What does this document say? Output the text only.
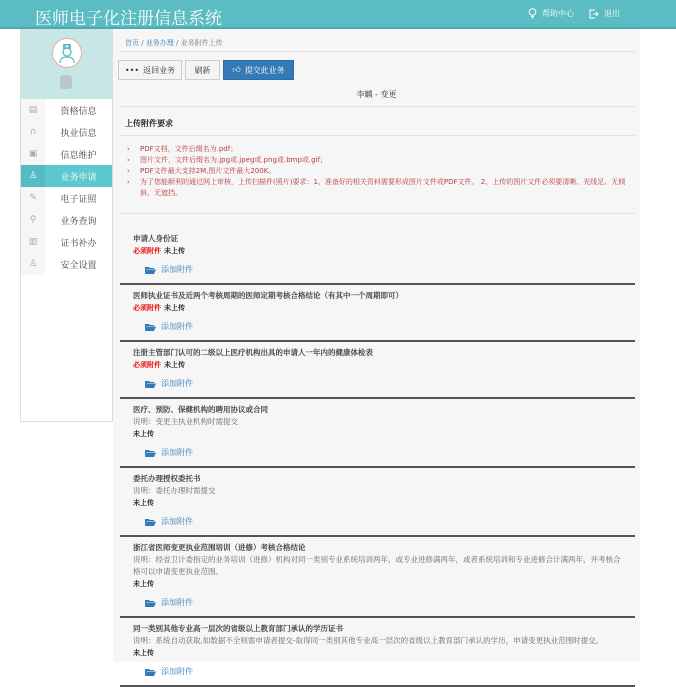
医师电子化注册信息系统	帮助中心	退出
▤	资格信息
∩	执业信息
▣	信息维护
♙	业务申请
✎	电子证照
⚲	业务查询
▥	证书补办
♙	安全设置
首页 / 业务办理 / 业务附件上传
••• 返回业务 刷新	👍︎ 提交此业务
李麟 - 变更
上传附件要求
› PDF文档，文件后缀名为.pdf；
› 图片文件，文件后缀名为.jpg或.jpeg或.png或.bmp或.gif；
› PDF文件最大支持2M,图片文件最大200K。
› 为了您能顺利的通过网上审核，上传扫描件(照片)要求：1、准备好的相关资料需要形成图片文件或PDF文件。 2、上传的图片文件必须要清晰、光线足、无倾斜、无遮挡。
申请人身份证
必须附件 未上传
添加附件
医师执业证书及近两个考核周期的医师定期考核合格结论（有其中一个周期即可）
必须附件 未上传
添加附件
注册主管部门认可的二级以上医疗机构出具的申请人一年内的健康体检表
必须附件 未上传
添加附件
医疗、预防、保健机构的聘用协议或合同
说明：变更主执业机构时需提交
未上传
添加附件
委托办理授权委托书
说明：委托办理时需提交
未上传
添加附件
浙江省医师变更执业范围培训（进修）考核合格结论
说明：经省卫计委指定的业务培训（进修）机构对同一类别专业系统培训两年，或专业进修满两年，或者系统培训和专业进修合计满两年，并考核合格可以申请变更执业范围。
未上传
添加附件
同一类别其他专业高一层次的省级以上教育部门承认的学历证书
说明：系统自动获取,如数据不全则需申请者提交-取得同一类别其他专业高一层次的省级以上教育部门承认的学历，申请变更执业范围时提交。
未上传
添加附件
